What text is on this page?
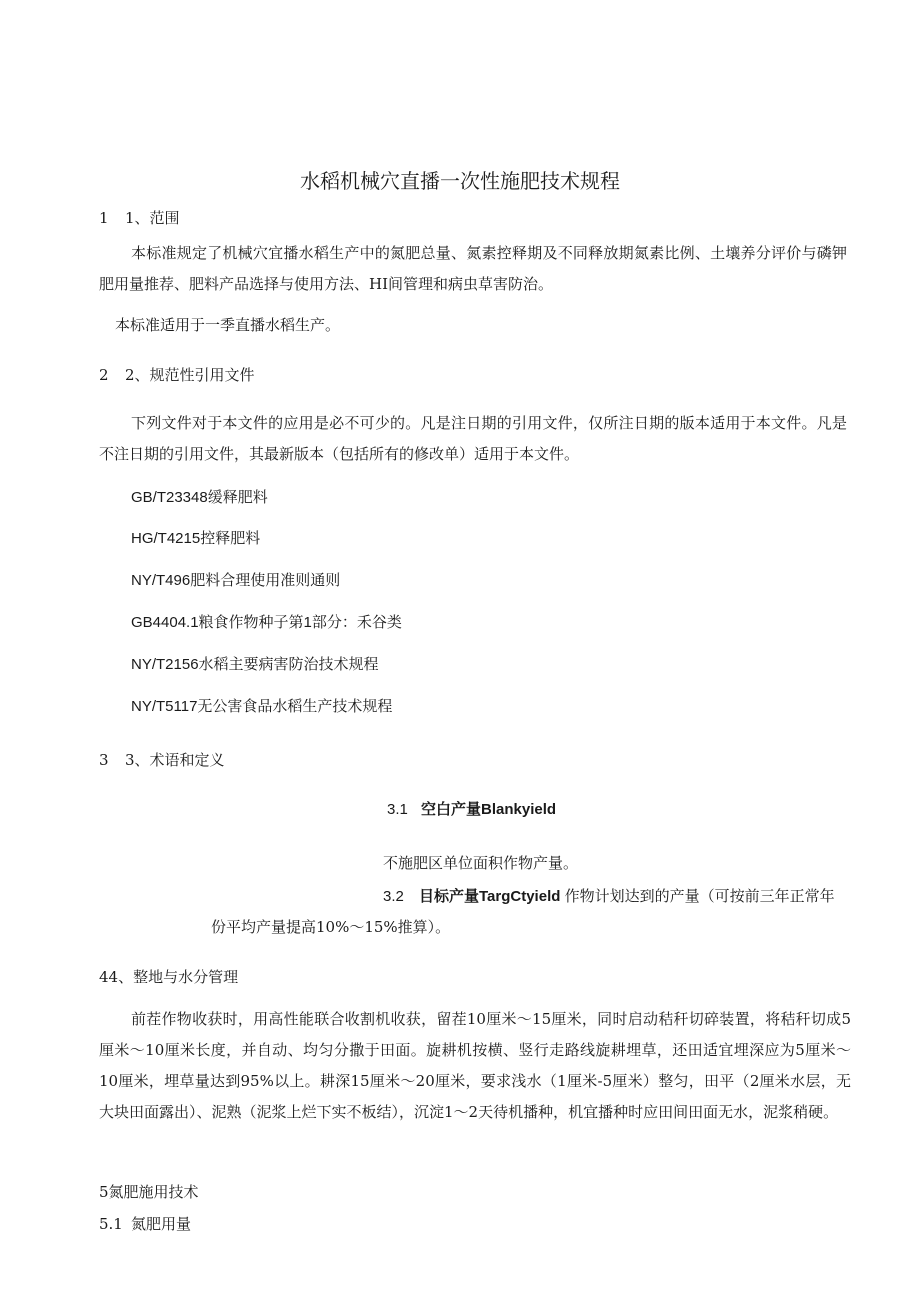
水稻机械穴直播一次性施肥技术规程
1 1、范围
本标准规定了机械穴宜播水稻生产中的氮肥总量、氮素控释期及不同释放期氮素比例、土壤养分评价与磷钾肥用量推荐、肥料产品选择与使用方法、HI间管理和病虫草害防治。
本标准适用于一季直播水稻生产。
2 2、规范性引用文件
下列文件对于本文件的应用是必不可少的。凡是注日期的引用文件，仅所注日期的版本适用于本文件。凡是不注日期的引用文件，其最新版本（包括所有的修改单）适用于本文件。
GB/T23348缓释肥料
HG/T4215控释肥料
NY/T496肥料合理使用准则通则
GB4404.1粮食作物种子第1部分：禾谷类
NY/T2156水稻主要病害防治技术规程
NY/T5117无公害食品水稻生产技术规程
3 3、术语和定义
3.1 空白产量Blankyield
不施肥区单位面积作物产量。
3.2 目标产量TargCtyield 作物计划达到的产量（可按前三年正常年
份平均产量提高10%～15%推算）。
44、整地与水分管理
前茬作物收获时，用高性能联合收割机收获，留茬10厘米～15厘米，同时启动秸秆切碎装置，将秸秆切成5厘米～10厘米长度，并自动、均匀分撒于田面。旋耕机按横、竖行走路线旋耕埋草，还田适宜埋深应为5厘米～10厘米，埋草量达到95%以上。耕深15厘米～20厘米，要求浅水（1厘米-5厘米）整匀，田平（2厘米水层，无大块田面露出）、泥熟（泥浆上烂下实不板结），沉淀1～2天待机播种，机宜播种时应田间田面无水，泥浆稍硬。
5氮肥施用技术
5.1 氮肥用量
